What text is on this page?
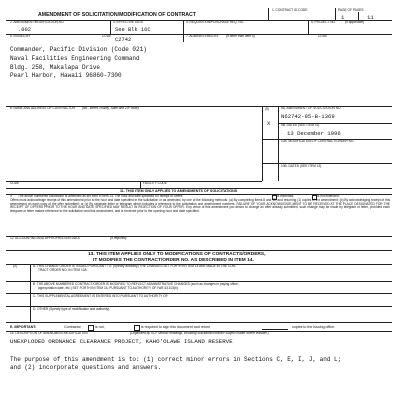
AMENDMENT OF SOLICITATION/MODIFICATION OF CONTRACT
1. CONTRACT ID CODE	PAGE OF PAGES
1	11
2. AMENDMENT/MODIFICATION NO.
.002
3. EFFECTIVE DATE
See Blk 16C
4. REQUISITION/PURCHASE REQ. NO.	5. PROJECT NO.	(If applicable)
6. ISSUED BY	CODE
C2742
7. ADMINISTERED BY (If other than Item 6)	CODE
Commander, Pacific Division (Code 021)
Naval Facilities Engineering Command
Bldg. 258, Makalapa Drive
Pearl Harbor, Hawaii 96860-7300
8. NAME AND ADDRESS OF CONTRACTOR (No., street, county, State and ZIP code)	(9)	9A. AMENDMENT OF SOLICITATION NO.
N62742-95-B-1369
X	9B. DATED (SEE ITEM 11)
13 December 1996
10A. MODIFICATION OF CONTRACT/ORDER NO.
10B. DATED (SEE ITEM 13)
CODE	FACILITY CODE
11. THIS ITEM ONLY APPLIES TO AMENDMENTS OF SOLICITATIONS
X The above numbered solicitation is amended as set forth in Item 14. The hour and date specified for receipt of Offers	is extended,	is not extended.
Offers must acknowledge receipt of this amendment prior to the hour and date specified in the solicitation or as amended, by one of the following methods: (a) By completing Items 8 and 15, and returning (1) copies of the amendment; (b) By acknowledging receipt of this amendment on each copy of the offer submitted; or (c) By separate letter or telegram which includes a reference to the solicitation and amendment numbers. FAILURE OF YOUR ACKNOWLEDGE-MENT TO BE RECEIVED AT THE PLACE DESIGNATED FOR THE RECEIPT OF OFFERS PRIOR TO THE HOUR AND DATE SPECIFIED MAY RESULT IN REJECTION OF YOUR OFFER. If by virtue of this amendment you desire to change an offer already submitted, such change may be made by telegram or letter, provided each telegram or letter makes reference to the solicitation and this amendment, and is received prior to the opening hour and date specified.
12. ACCOUNTING AND APPROPRIATION DATA	(If required)
13. THIS ITEM APPLIES ONLY TO MODIFICATIONS OF CONTRACTS/ORDERS,
IT MODIFIES THE CONTRACT/ORDER NO. AS DESCRIBED IN ITEM 14.
(X)	A. THIS CHANGE ORDER IS ISSUED PURSUANT TO: (Specify authority) THE CHANGES SET FORTH IN ITEM 14 ARE MADE IN THE CON-
TRACT ORDER NO. IN ITEM 10A.
B. THE ABOVE NUMBERED CONTRACT/ORDER IS MODIFIED TO REFLECT ADMINISTRATIVE CHANGES (such as changes in paying office,
appropriation date, etc.) SET FORTH IN ITEM 14, PURSUANT TO AUTHORITY OF FAR 43.103(b).
C. THIS SUPPLEMENTAL AGREEMENT IS ENTERED INTO PURSUANT TO AUTHORITY OF:
D. OTHER (Specify type of modification and authority)
E. IMPORTANT:	Contractor	is not,	is required to sign this document and return	copies to the issuing office.
14. DESCRIPTION OF AMENDMENT/MODIFICATION	(Organized by UCF section headings, including solicitation/contract subject matter where feasible.)
UNEXPLODED ORDNANCE CLEARANCE PROJECT, KAHO'OLAWE ISLAND RESERVE
The purpose of this amendment is to: (1) correct minor errors in Sections C, E, I, J, and L;
and (2) incorporate questions and answers.
